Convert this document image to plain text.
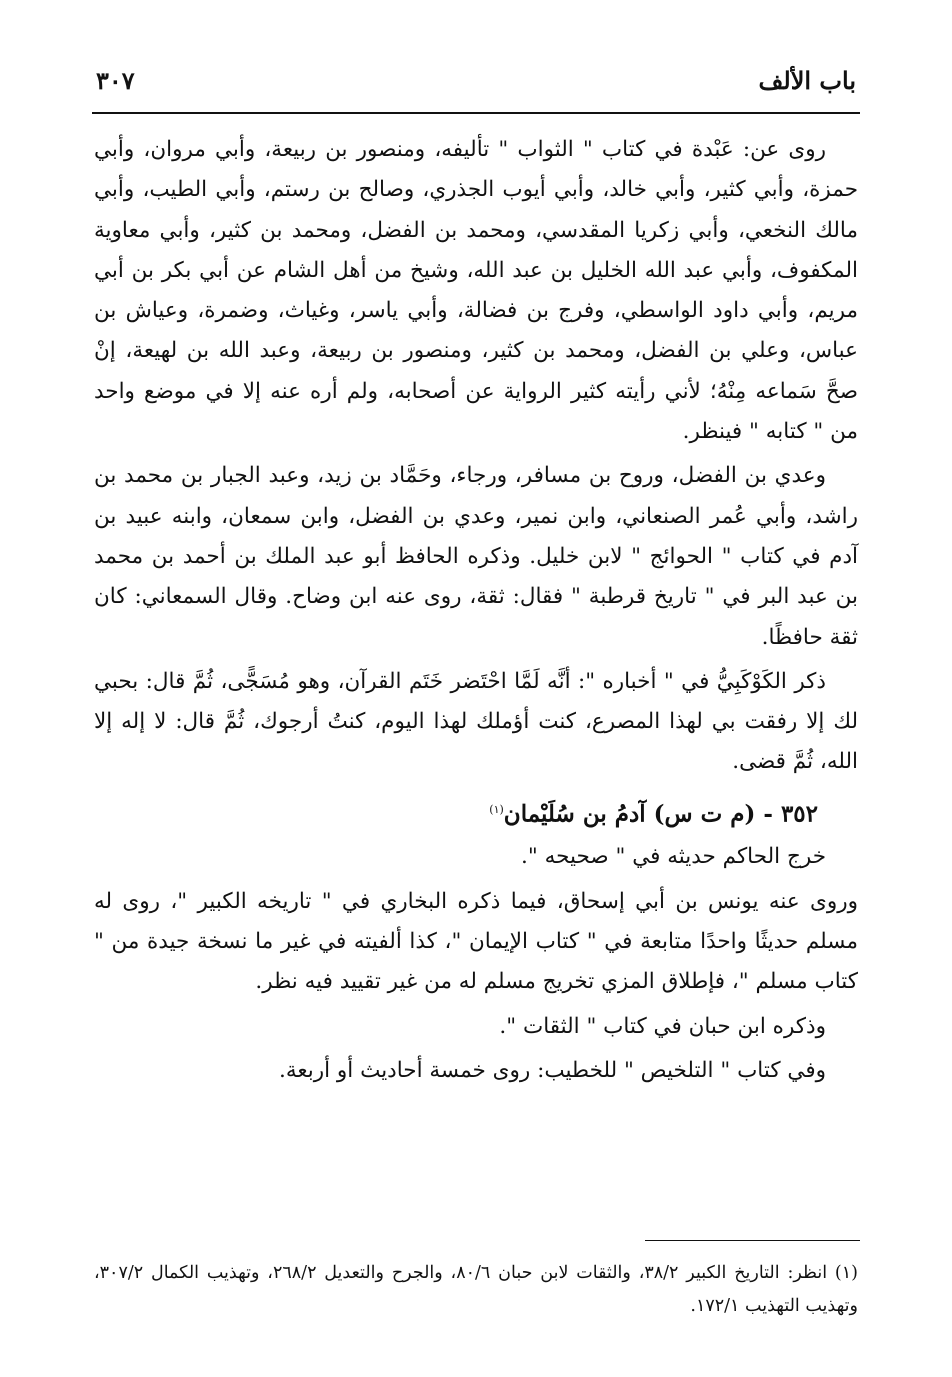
باب الألف
٣٠٧

روى عن: عَبْدة في كتاب " الثواب " تأليفه، ومنصور بن ربيعة، وأبي مروان، وأبي حمزة، وأبي كثير، وأبي خالد، وأبي أيوب الجذري، وصالح بن رستم، وأبي الطيب، وأبي مالك النخعي، وأبي زكريا المقدسي، ومحمد بن الفضل، ومحمد بن كثير، وأبي معاوية المكفوف، وأبي عبد الله الخليل بن عبد الله، وشيخ من أهل الشام عن أبي بكر بن أبي مريم، وأبي داود الواسطي، وفرج بن فضالة، وأبي ياسر، وغياث، وضمرة، وعياش بن عباس، وعلي بن الفضل، ومحمد بن كثير، ومنصور بن ربيعة، وعبد الله بن لهيعة، إنْ صحَّ سَماعه مِنْهُ؛ لأني رأيته كثير الرواية عن أصحابه، ولم أره عنه إلا في موضع واحد من " كتابه " فينظر.

وعدي بن الفضل، وروح بن مسافر، ورجاء، وحَمَّاد بن زيد، وعبد الجبار بن محمد بن راشد، وأبي عُمر الصنعاني، وابن نمير، وعدي بن الفضل، وابن سمعان، وابنه عبيد بن آدم في كتاب " الحوائج " لابن خليل. وذكره الحافظ أبو عبد الملك بن أحمد بن محمد بن عبد البر في " تاريخ قرطبة " فقال: ثقة، روى عنه ابن وضاح. وقال السمعاني: كان ثقة حافظًا.

ذكر الكَوْكَبِيُّ في " أخباره ": أنَّه لَمَّا احْتَضر خَتَم القرآن، وهو مُسَجًّى، ثُمَّ قال: بحبي لك إلا رفقت بي لهذا المصرع، كنت أؤملك لهذا اليوم، كنتُ أرجوك، ثُمَّ قال: لا إله إلا الله، ثُمَّ قضى.

٣٥٢ - (م ت س) آدمُ بن سُلَيْمان$^{(١)}$

خرج الحاكم حديثه في " صحيحه ".

وروى عنه يونس بن أبي إسحاق، فيما ذكره البخاري في " تاريخه الكبير "، روى له مسلم حديثًا واحدًا متابعة في " كتاب الإيمان "، كذا ألفيته في غير ما نسخة جيدة من " كتاب مسلم "، فإطلاق المزي تخريج مسلم له من غير تقييد فيه نظر.

وذكره ابن حبان في كتاب " الثقات ".

وفي كتاب " التلخيص " للخطيب: روى خمسة أحاديث أو أربعة.

(١) انظر: التاريخ الكبير ٣٨/٢، والثقات لابن حبان ٨٠/٦، والجرح والتعديل ٢٦٨/٢، وتهذيب الكمال ٣٠٧/٢، وتهذيب التهذيب ١٧٢/١.
